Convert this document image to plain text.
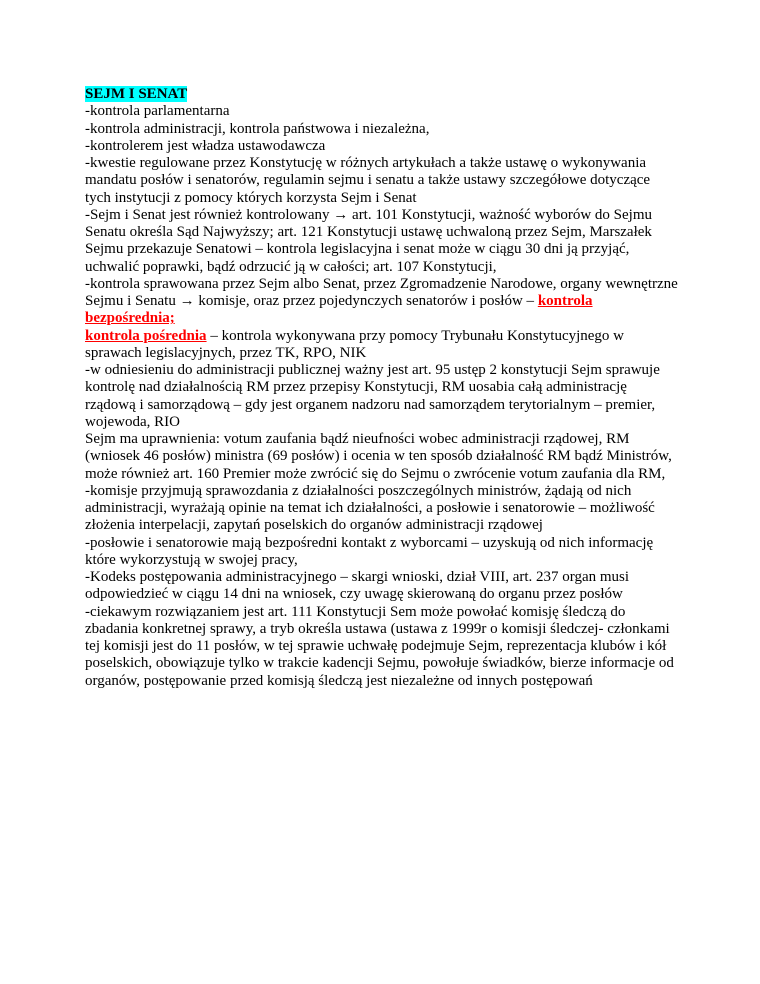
SEJM I SENAT

-kontrola parlamentarna

-kontrola administracji, kontrola państwowa i niezależna,

-kontrolerem jest władza ustawodawcza

-kwestie regulowane przez Konstytucję w różnych artykułach a także ustawę o wykonywania mandatu posłów i senatorów, regulamin sejmu i senatu a także ustawy szczegółowe dotyczące tych instytucji z pomocy których korzysta Sejm i Senat

-Sejm i Senat jest również kontrolowany → art. 101 Konstytucji, ważność wyborów do Sejmu Senatu określa Sąd Najwyższy; art. 121 Konstytucji ustawę uchwaloną przez Sejm, Marszałek Sejmu przekazuje Senatowi – kontrola legislacyjna i senat może w ciągu 30 dni ją przyjąć, uchwalić poprawki, bądź odrzucić ją w całości; art. 107 Konstytucji,

-kontrola sprawowana przez Sejm albo Senat, przez Zgromadzenie Narodowe, organy wewnętrzne Sejmu i Senatu → komisje, oraz przez pojedynczych senatorów i posłów – kontrola bezpośrednia;

kontrola pośrednia – kontrola wykonywana przy pomocy Trybunału Konstytucyjnego w sprawach legislacyjnych, przez TK, RPO, NIK

-w odniesieniu do administracji publicznej ważny jest art. 95 ustęp 2 konstytucji Sejm sprawuje kontrolę nad działalnością RM przez przepisy Konstytucji, RM uosabia całą administrację rządową i samorządową – gdy jest organem nadzoru nad samorządem terytorialnym – premier, wojewoda, RIO

Sejm ma uprawnienia: votum zaufania bądź nieufności wobec administracji rządowej, RM (wniosek 46 posłów) ministra (69 posłów) i ocenia w ten sposób działalność RM bądź Ministrów, może również art. 160 Premier może zwrócić się do Sejmu o zwrócenie votum zaufania dla RM,

-komisje przyjmują sprawozdania z działalności poszczególnych ministrów, żądają od nich administracji, wyrażają opinie na temat ich działalności, a posłowie i senatorowie – możliwość złożenia interpelacji, zapytań poselskich do organów administracji rządowej

-posłowie i senatorowie mają bezpośredni kontakt z wyborcami – uzyskują od nich informację które wykorzystują w swojej pracy,

-Kodeks postępowania administracyjnego – skargi wnioski, dział VIII, art. 237 organ musi odpowiedzieć w ciągu 14 dni na wniosek, czy uwagę skierowaną do organu przez posłów

-ciekawym rozwiązaniem jest art. 111 Konstytucji Sem może powołać komisję śledczą do zbadania konkretnej sprawy, a tryb określa ustawa (ustawa z 1999r o komisji śledczej- członkami tej komisji jest do 11 posłów, w tej sprawie uchwałę podejmuje Sejm, reprezentacja klubów i kół poselskich, obowiązuje tylko w trakcie kadencji Sejmu, powołuje świadków, bierze informacje od organów, postępowanie przed komisją śledczą jest niezależne od innych postępowań
